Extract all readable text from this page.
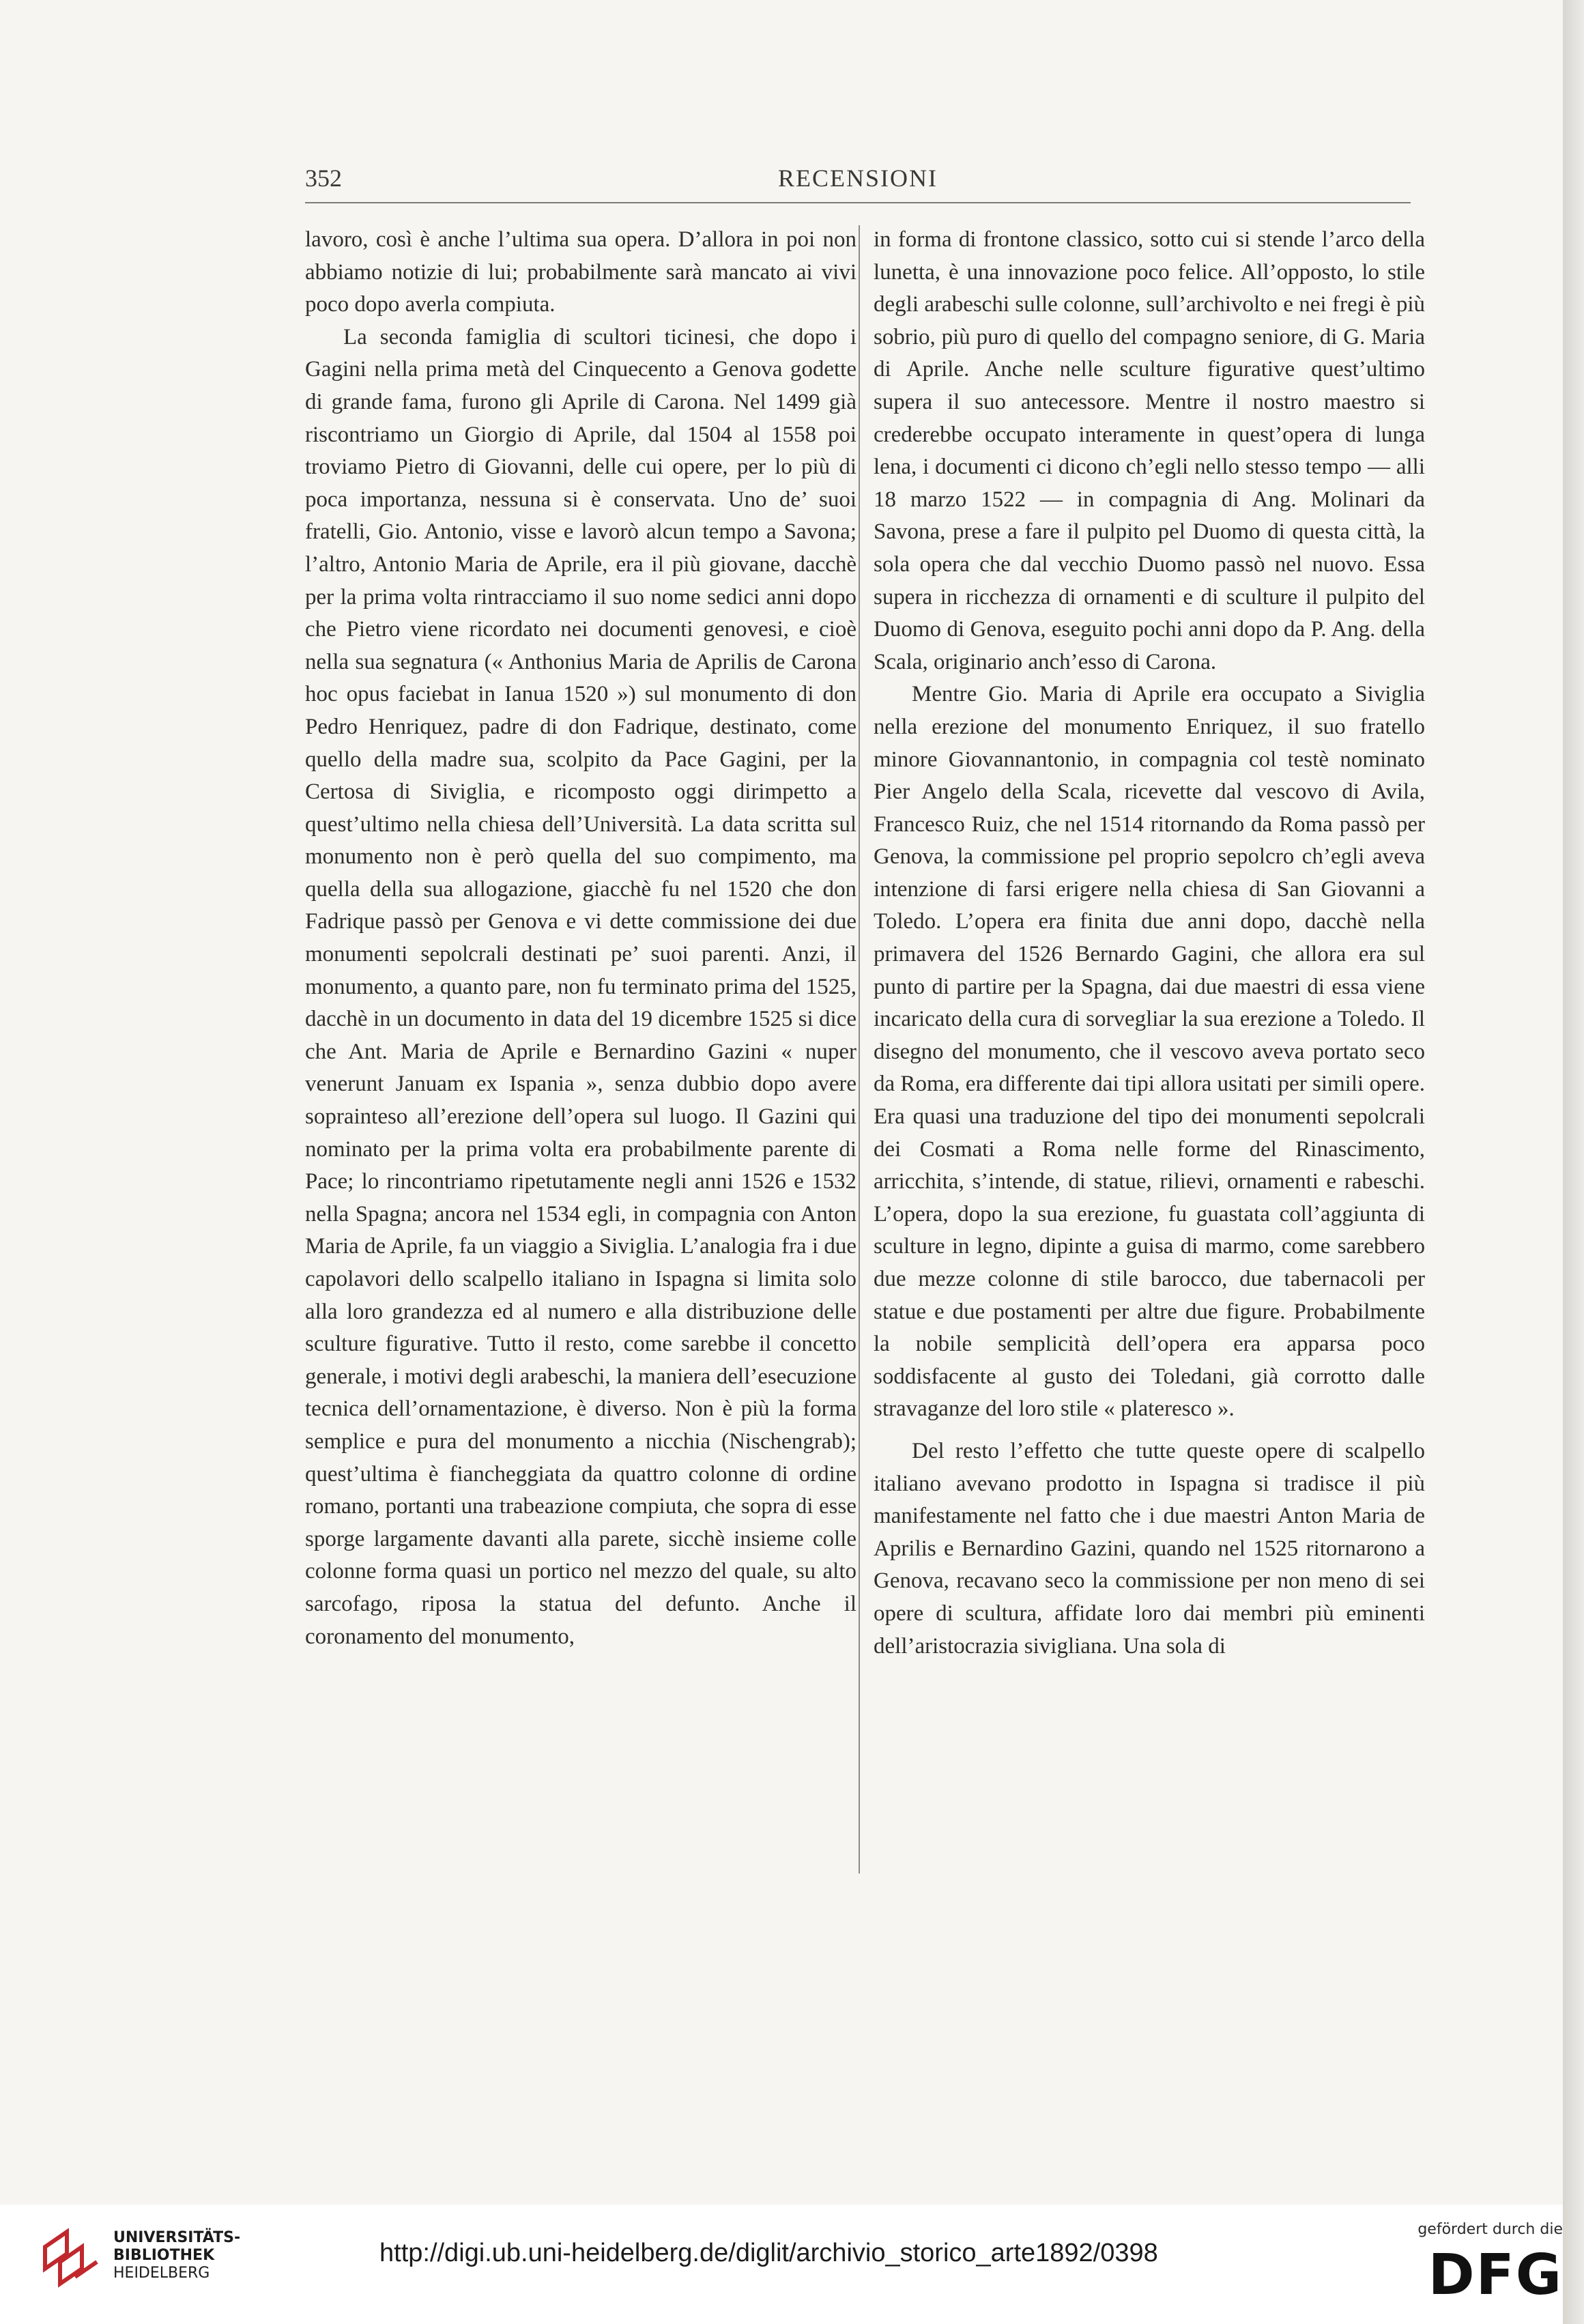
352	RECENSIONI

lavoro, così è anche l’ultima sua opera. D’allora in poi non abbiamo notizie di lui; probabilmente sarà mancato ai vivi poco dopo averla compiuta.

La seconda famiglia di scultori ticinesi, che dopo i Gagini nella prima metà del Cinquecento a Genova godette di grande fama, furono gli Aprile di Carona. Nel 1499 già riscontriamo un Giorgio di Aprile, dal 1504 al 1558 poi troviamo Pietro di Giovanni, delle cui opere, per lo più di poca importanza, nessuna si è conservata. Uno de’ suoi fratelli, Gio. Antonio, visse e lavorò alcun tempo a Savona; l’altro, Antonio Maria de Aprile, era il più giovane, dacchè per la prima volta rintracciamo il suo nome sedici anni dopo che Pietro viene ricordato nei documenti genovesi, e cioè nella sua segnatura (« Anthonius Maria de Aprilis de Carona hoc opus faciebat in Ianua 1520 ») sul monumento di don Pedro Henriquez, padre di don Fadrique, destinato, come quello della madre sua, scolpito da Pace Gagini, per la Certosa di Siviglia, e ricomposto oggi dirimpetto a quest’ultimo nella chiesa dell’Università. La data scritta sul monumento non è però quella del suo compimento, ma quella della sua allogazione, giacchè fu nel 1520 che don Fadrique passò per Genova e vi dette commissione dei due monumenti sepolcrali destinati pe’ suoi parenti. Anzi, il monumento, a quanto pare, non fu terminato prima del 1525, dacchè in un documento in data del 19 dicembre 1525 si dice che Ant. Maria de Aprile e Bernardino Gazini « nuper venerunt Januam ex Ispania », senza dubbio dopo avere soprainteso all’erezione dell’opera sul luogo. Il Gazini qui nominato per la prima volta era probabilmente parente di Pace; lo rincontriamo ripetutamente negli anni 1526 e 1532 nella Spagna; ancora nel 1534 egli, in compagnia con Anton Maria de Aprile, fa un viaggio a Siviglia. L’analogia fra i due capolavori dello scalpello italiano in Ispagna si limita solo alla loro grandezza ed al numero e alla distribuzione delle sculture figurative. Tutto il resto, come sarebbe il concetto generale, i motivi degli arabeschi, la maniera dell’esecuzione tecnica dell’ornamentazione, è diverso. Non è più la forma semplice e pura del monumento a nicchia (Nischengrab); quest’ultima è fiancheggiata da quattro colonne di ordine romano, portanti una trabeazione compiuta, che sopra di esse sporge largamente davanti alla parete, sicchè insieme colle colonne forma quasi un portico nel mezzo del quale, su alto sarcofago, riposa la statua del defunto. Anche il coronamento del monumento,

in forma di frontone classico, sotto cui si stende l’arco della lunetta, è una innovazione poco felice. All’opposto, lo stile degli arabeschi sulle colonne, sull’archivolto e nei fregi è più sobrio, più puro di quello del compagno seniore, di G. Maria di Aprile. Anche nelle sculture figurative quest’ultimo supera il suo antecessore. Mentre il nostro maestro si crederebbe occupato interamente in quest’opera di lunga lena, i documenti ci dicono ch’egli nello stesso tempo — alli 18 marzo 1522 — in compagnia di Ang. Molinari da Savona, prese a fare il pulpito pel Duomo di questa città, la sola opera che dal vecchio Duomo passò nel nuovo. Essa supera in ricchezza di ornamenti e di sculture il pulpito del Duomo di Genova, eseguito pochi anni dopo da P. Ang. della Scala, originario anch’esso di Carona.

Mentre Gio. Maria di Aprile era occupato a Siviglia nella erezione del monumento Enriquez, il suo fratello minore Giovannantonio, in compagnia col testè nominato Pier Angelo della Scala, ricevette dal vescovo di Avila, Francesco Ruiz, che nel 1514 ritornando da Roma passò per Genova, la commissione pel proprio sepolcro ch’egli aveva intenzione di farsi erigere nella chiesa di San Giovanni a Toledo. L’opera era finita due anni dopo, dacchè nella primavera del 1526 Bernardo Gagini, che allora era sul punto di partire per la Spagna, dai due maestri di essa viene incaricato della cura di sorvegliar la sua erezione a Toledo. Il disegno del monumento, che il vescovo aveva portato seco da Roma, era differente dai tipi allora usitati per simili opere. Era quasi una traduzione del tipo dei monumenti sepolcrali dei Cosmati a Roma nelle forme del Rinascimento, arricchita, s’intende, di statue, rilievi, ornamenti e rabeschi. L’opera, dopo la sua erezione, fu guastata coll’aggiunta di sculture in legno, dipinte a guisa di marmo, come sarebbero due mezze colonne di stile barocco, due tabernacoli per statue e due postamenti per altre due figure. Probabilmente la nobile semplicità dell’opera era apparsa poco soddisfacente al gusto dei Toledani, già corrotto dalle stravaganze del loro stile « plateresco ».

Del resto l’effetto che tutte queste opere di scalpello italiano avevano prodotto in Ispagna si tradisce il più manifestamente nel fatto che i due maestri Anton Maria de Aprilis e Bernardino Gazini, quando nel 1525 ritornarono a Genova, recavano seco la commissione per non meno di sei opere di scultura, affidate loro dai membri più eminenti dell’aristocrazia sivigliana. Una sola di

UNIVERSITÄTS-
BIBLIOTHEK
HEIDELBERG
http://digi.ub.uni-heidelberg.de/diglit/archivio_storico_arte1892/0398
gefördert durch die
DFG
